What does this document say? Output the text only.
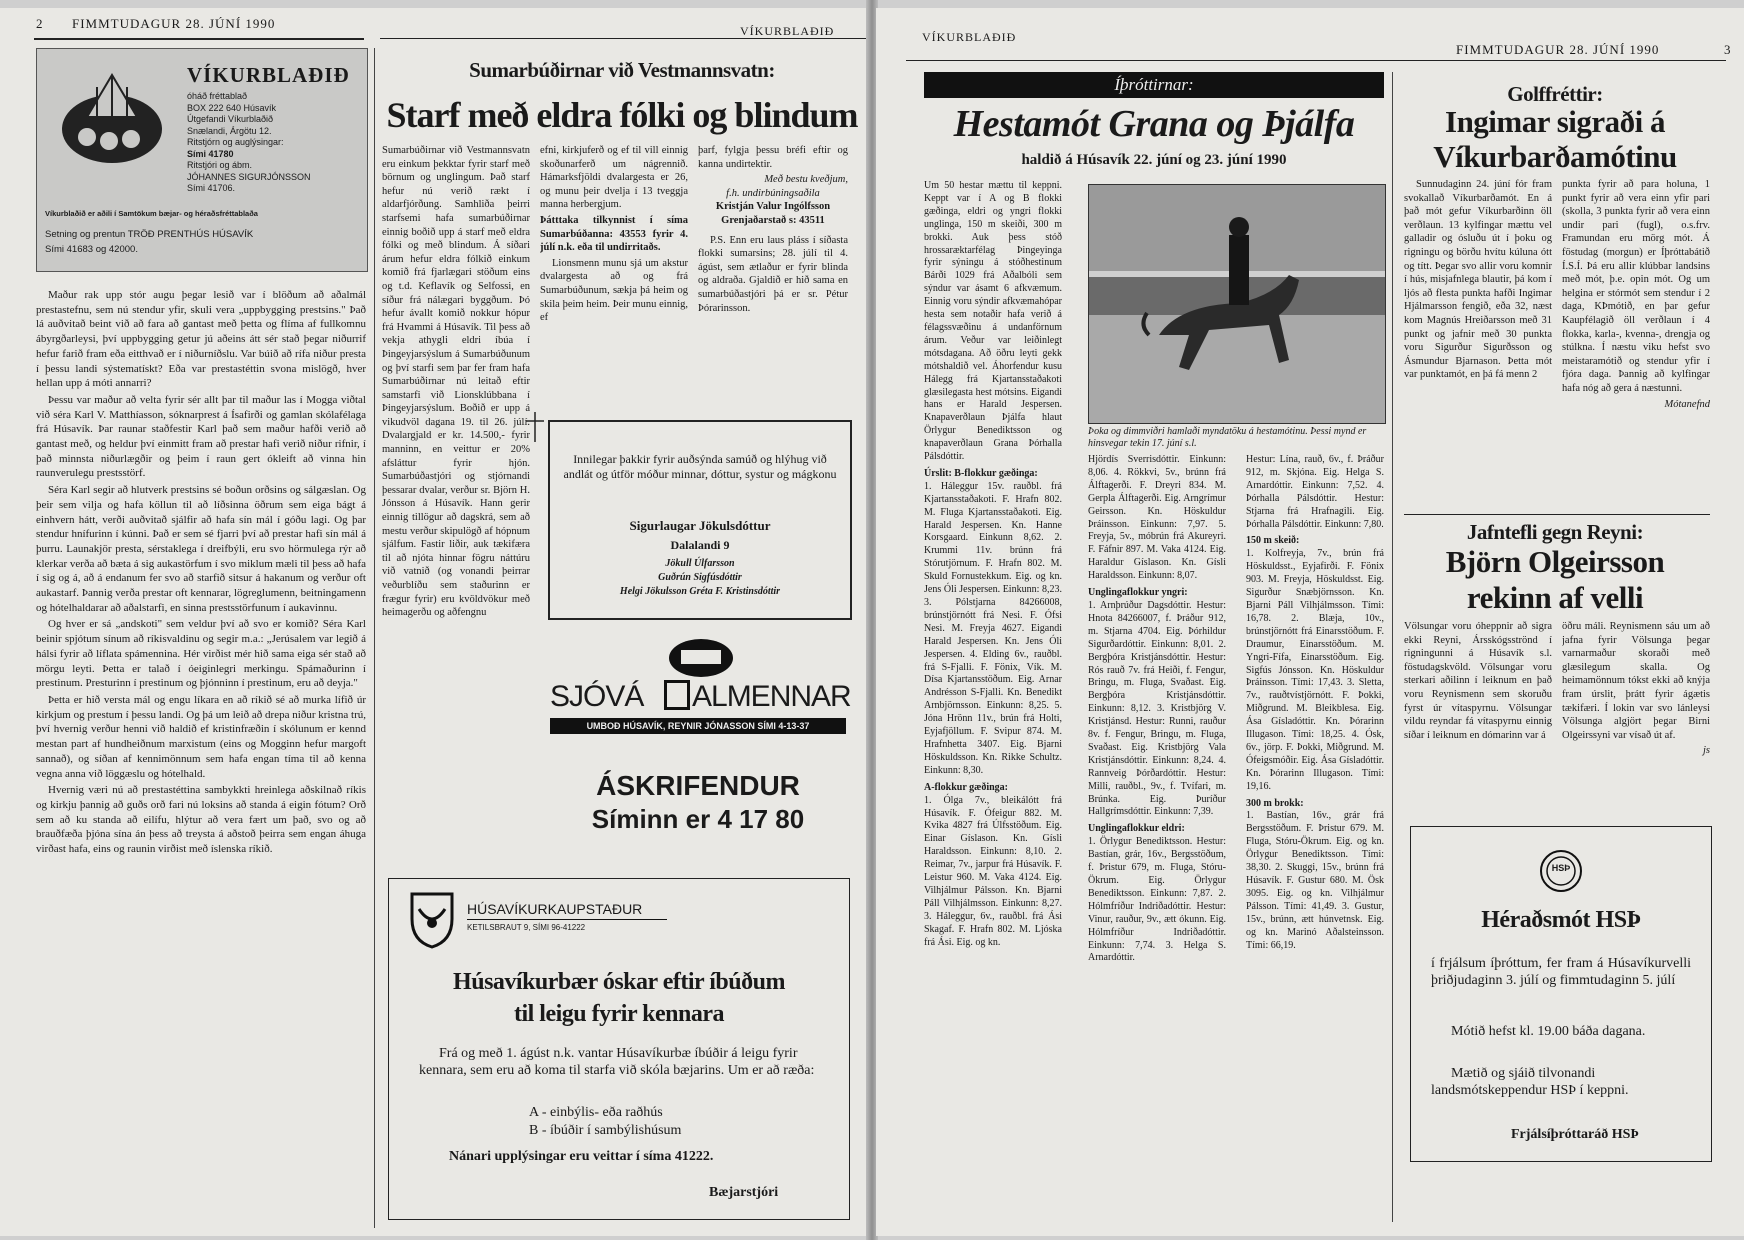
2 FIMMTUDAGUR 28. JÚNÍ 1990	VÍKURBLAÐIÐ
VÍKURBLAÐIÐ
óháð fréttablað
BOX 222 640 Húsavík
Útgefandi Víkurblaðið
Snælandi, Árgötu 12.
Ritstjórn og auglýsingar:
Sími 41780
Ritstjóri og ábm.
JÓHANNES SIGURJÓNSSON
Sími 41706.
Víkurblaðið er aðili í Samtökum bæjar- og héraðsfréttablaða
Setning og prentun TRÖÐ PRENTHÚS HÚSAVÍK
Sími 41683 og 42000.

Maður rak upp stór augu þegar lesið var í blöðum að aðalmál prestastefnu, sem nú stendur yfir, skuli vera „uppbygging prestsins." Það lá auðvitað beint við að fara að gantast með þetta og flíma af fullkomnu ábyrgðarleysi, því uppbygging getur jú aðeins átt sér stað þegar niðurrif hefur farið fram eða eitthvað er í niðurníðslu. Var búið að rífa niður presta í þessu landi sýstematískt? Eða var prestastéttin svona mislögð, hver hellan upp á móti annarri?

Þessu var maður að velta fyrir sér allt þar til maður las í Mogga viðtal við séra Karl V. Matthíasson, sóknarprest á Ísafirði og gamlan skólafélaga frá Húsavík. Þar raunar staðfestir Karl það sem maður hafði verið að gantast með, og heldur því einmitt fram að prestar hafi verið niður rifnir, í það minnsta niðurlægðir og þeim í raun gert ókleift að vinna hin raunverulegu prestsstörf.

Séra Karl segir að hlutverk prestsins sé boðun orðsins og sálgæslan. Og þeir sem vilja og hafa köllun til að líðsinna öðrum sem eiga bágt á einhvern hátt, verði auðvitað sjálfir að hafa sín mál í góðu lagi. Og þar stendur hnífurinn í kúnni. Það er sem sé fjarri því að prestar hafi sín mál á þurru. Launakjör presta, sérstaklega í dreifbýli, eru svo hörmulega rýr að klerkar verða að bæta á sig aukastörfum í svo miklum mæli til þess að hafa í sig og á, að á endanum fer svo að starfið sitsur á hakanum og verður oft aukastarf. Þannig verða prestar oft kennarar, lögreglumenn, beitningamenn og hótelhaldarar að aðalstarfi, en sinna prestsstörfunum í aukavinnu.

Og hver er sá „andskoti" sem veldur því að svo er komið? Séra Karl beinir spjótum sínum að ríkisvaldinu og segir m.a.: „Jerúsalem var legið á hálsi fyrir að líflata spámennina. Hér virðist mér hið sama eiga sér stað að mörgu leyti. Þetta er talað í óeiginlegri merkingu. Spámaðurinn í prestinum. Presturinn í prestinum og þjónninn í prestinum, eru að deyja."

Þetta er hið versta mál og engu líkara en að ríkið sé að murka lífið úr kirkjum og prestum í þessu landi. Og þá um leið að drepa niður kristna trú, því hvernig verður henni við haldið ef kristinfræðin í skólunum er kennd mestan part af hundheiðnum marxistum (eins og Mogginn hefur margoft sannað), og síðan af kennimönnum sem hafa engan tíma til að kenna vegna anna við löggæslu og hótelhald.

Hvernig væri nú að prestastéttina sambykkti hreinlega aðskilnað ríkis og kirkju þannig að guðs orð fari nú loksins að standa á eigin fótum? Orð sem að ku standa að eilífu, hlýtur að vera fært um það, svo og að brauðfæða þjóna sína án þess að treysta á aðstoð þeirra sem engan áhuga virðast hafa, eins og raunin virðist með íslenska ríkið.

Sumarbúðirnar við Vestmannsvatn:
Starf með eldra fólki og blindum

Sumarbúðirnar við Vestmannsvatn eru einkum þekktar fyrir starf með börnum og unglingum. Það starf hefur nú verið rækt í aldarfjórðung. Samhliða þeirri starfsemi hafa sumarbúðirnar einnig boðið upp á starf með eldra fólki og með blindum. Á síðari árum hefur eldra fólkið einkum komið frá fjarlægari stöðum eins og t.d. Keflavík og Selfossi, en síður frá nálægari byggðum. Þó hefur ávallt komið nokkur hópur frá Hvammi á Húsavík. Til þess að vekja athygli eldri íbúa í Þingeyjarsýslum á Sumarbúðunum og því starfi sem þar fer fram hafa Sumarbúðirnar nú leitað eftir samstarfi við Lionsklúbbana í Þingeyjarsýslum. Boðið er upp á vikudvöl dagana 19. til 26. júlí. Dvalargjald er kr. 14.500,- fyrir manninn, en veittur er 20% afsláttur fyrir hjón. Sumarbúðastjóri og stjórnandi þessarar dvalar, verður sr. Björn H. Jónsson á Húsavík. Hann gerir einnig tillögur að dagskrá, sem að mestu verður skipulögð af hópnum sjálfum. Fastir liðir, auk tækifæra til að njóta hinnar fögru náttúru við vatnið (og vonandi þeirrar veðurblíðu sem staðurinn er frægur fyrir) eru kvöldvökur með heimagerðu og aðfengnu

efni, kirkjuferð og ef til vill einnig skoðunarferð um nágrennið. Hámarksfjöldi dvalargesta er 26, og munu þeir dvelja í 13 tveggja manna herbergjum.

Þátttaka tilkynnist í síma Sumarbúðanna: 43553 fyrir 4. júlí n.k. eða til undirritaðs.

Lionsmenn munu sjá um akstur dvalargesta að og frá Sumarbúðunum, sækja þá heim og skila þeim heim. Þeir munu einnig, ef

þarf, fylgja þessu bréfi eftir og kanna undirtektir.

Með bestu kveðjum,
f.h. undirbúningsaðila
Kristján Valur Ingólfsson
Grenjaðarstað s: 43511

P.S. Enn eru laus pláss í síðasta flokki sumarsins; 28. júlí til 4. ágúst, sem ætlaður er fyrir blinda og aldraða. Gjaldið er hið sama en sumarbúðastjóri þá er sr. Pétur Þórarinsson.

Innilegar þakkir fyrir auðsýnda samúð og hlýhug við andlát og útför móður minnar, dóttur, systur og mágkonu
Sigurlaugar Jökulsdóttur
Dalalandi 9
Jökull Úlfarsson
Guðrún Sigfúsdóttir
Helgi Jökulsson Gréta F. Kristinsdóttir
SJÓVÁ ALMENNAR
UMBOÐ HÚSAVÍK, REYNIR JÓNASSON SÍMI 4-13-37
ÁSKRIFENDUR
Síminn er 4 17 80
HÚSAVÍKURKAUPSTAÐUR
KETILSBRAUT 9, SÍMI 96-41222
Húsavíkurbær óskar eftir íbúðum
til leigu fyrir kennara
Frá og með 1. ágúst n.k. vantar Húsavíkurbæ íbúðir á leigu fyrir kennara, sem eru að koma til starfa við skóla bæjarins. Um er að ræða:
A - einbýlis- eða raðhús
B - íbúðir í sambýlishúsum
Nánari upplýsingar eru veittar í síma 41222.
Bæjarstjóri
VÍKURBLAÐIÐ
FIMMTUDAGUR 28. JÚNÍ 1990	3
Íþróttirnar:
Hestamót Grana og Þjálfa
haldið á Húsavík 22. júní og 23. júní 1990

Um 50 hestar mættu til keppni. Keppt var í A og B flokki gæðinga, eldri og yngri flokki unglinga, 150 m skeiði, 300 m brokki. Auk þess stóð hrossaræktarfélag Þingeyinga fyrir sýningu á stóðhestinum Bárði 1029 frá Aðalbóli sem sýndur var ásamt 6 afkvæmum. Einnig voru sýndir afkvæmahópar hesta sem notaðir hafa verið á félagssvæðinu á undanförnum árum. Veður var leiðinlegt mótsdagana. Að öðru leyti gekk mótshaldið vel. Áhorfendur kusu Hálegg frá Kjartansstaðakoti glæsilegasta hest mótsins. Eigandi hans er Harald Jespersen. Knapaverðlaun Þjálfa hlaut Örlygur Benediktsson og knapaverðlaun Grana Þórhalla Pálsdóttir.

Úrslit: B-flokkur gæðinga:

1. Háleggur 15v. rauðbl. frá Kjartansstaðakoti. F. Hrafn 802. M. Fluga Kjartansstaðakoti. Eig. Harald Jespersen. Kn. Hanne Korsgaard. Einkunn 8,62. 2. Krummi 11v. brúnn frá Stórutjörnum. F. Hrafn 802. M. Skuld Fornustekkum. Eig. og kn. Jens Óli Jespersen. Einkunn: 8,23. 3. Pólstjarna 84266008, brúnstjörnótt frá Nesi. F. Ófsi Nesi. M. Freyja 4627. Eigandi Harald Jespersen. Kn. Jens Óli Jespersen. 4. Elding 6v., rauðbl. frá S-Fjalli. F. Fönix, Vík. M. Dísa Kjartansstöðum. Eig. Arnar Andrésson S-Fjalli. Kn. Benedikt Arnbjörnsson. Einkunn: 8,25. 5. Jóna Hrönn 11v., brún frá Holti, Eyjafjöllum. F. Svipur 874. M. Hrafnhetta 3407. Eig. Bjarni Höskuldsson. Kn. Rikke Schultz. Einkunn: 8,30.

A-flokkur gæðinga:

1. Ólga 7v., bleikálótt frá Húsavík. F. Ófeigur 882. M. Kvika 4827 frá Úlfsstöðum. Eig. Einar Gíslason. Kn. Gísli Haraldsson. Einkunn: 8,10. 2. Reimar, 7v., jarpur frá Húsavík. F. Leistur 960. M. Vaka 4124. Eig. Vilhjálmur Pálsson. Kn. Bjarni Páll Vilhjálmsson. Einkunn: 8,27. 3. Háleggur, 6v., rauðbl. frá Ási Skagaf. F. Hrafn 802. M. Ljóska frá Ási. Eig. og kn.

Þoka og dimmviðri hamlaði myndatöku á hestamótinu. Þessi mynd er hinsvegar tekin 17. júní s.l.

Hjördís Sverrisdóttir. Einkunn: 8,06. 4. Rökkvi, 5v., brúnn frá Álftagerði. F. Dreyri 834. M. Gerpla Álftagerði. Eig. Arngrímur Geirsson. Kn. Höskuldur Þráinsson. Einkunn: 7,97. 5. Freyja, 5v., móbrún frá Akureyri. F. Fáfnir 897. M. Vaka 4124. Eig. Haraldur Gíslason. Kn. Gísli Haraldsson. Einkunn: 8,07.

Unglingaflokkur yngri:

1. Arnþrúður Dagsdóttir. Hestur: Hnota 84266007, f. Þráður 912, m. Stjarna 4704. Eig. Þórhildur Sigurðardóttir. Einkunn: 8,01. 2. Bergþóra Kristjánsdóttir. Hestur: Rós rauð 7v. frá Heiði, f. Fengur, Bringu, m. Fluga, Svaðast. Eig. Bergþóra Kristjánsdóttir. Einkunn: 8,12. 3. Kristbjörg V. Kristjánsd. Hestur: Runni, rauður 8v. f. Fengur, Bringu, m. Fluga, Svaðast. Eig. Kristbjörg Vala Kristjánsdóttir. Einkunn: 8,24. 4. Rannveig Þórðardóttir. Hestur: Milli, rauðbl., 9v., f. Tvífari, m. Brúnka. Eig. Þuríður Hallgrímsdóttir. Einkunn: 7,39.

Unglingaflokkur eldri:

1. Örlygur Benediktsson. Hestur: Bastían, grár, 16v., Bergsstöðum, f. Þristur 679, m. Fluga, Stóru-Ökrum. Eig. Örlygur Benediktsson. Einkunn: 7,87. 2. Hólmfríður Indriðadóttir. Hestur: Vinur, rauður, 9v., ætt ókunn. Eig. Hólmfríður Indriðadóttir. Einkunn: 7,74. 3. Helga S. Arnardóttir.

Hestur: Lína, rauð, 6v., f. Þráður 912, m. Skjóna. Eig. Helga S. Arnardóttir. Einkunn: 7,52. 4. Þórhalla Pálsdóttir. Hestur: Stjarna frá Hrafnagili. Eig. Þórhalla Pálsdóttir. Einkunn: 7,80.

150 m skeið:

1. Kolfreyja, 7v., brún frá Höskuldsst., Eyjafirði. F. Fönix 903. M. Freyja, Höskuldsst. Eig. Sigurður Snæbjörnsson. Kn. Bjarni Páll Vilhjálmsson. Tími: 16,78. 2. Blæja, 10v., brúnstjörnótt frá Einarsstöðum. F. Draumur, Einarsstöðum. M. Yngri-Fífa, Einarsstöðum. Eig. Sigfús Jónsson. Kn. Höskuldur Þráinsson. Tími: 17,43. 3. Sletta, 7v., rauðtvístjörnótt. F. Þokki, Miðgrund. M. Bleikblesa. Eig. Ása Gísladóttir. Kn. Þórarinn Illugason. Tími: 18,25. 4. Ósk, 6v., jörp. F. Þokki, Miðgrund. M. Ófeigsmóðir. Eig. Ása Gísladóttir. Kn. Þórarinn Illugason. Tími: 19,16.

300 m brokk:

1. Bastían, 16v., grár frá Bergsstöðum. F. Þristur 679. M. Fluga, Stóru-Ökrum. Eig. og kn. Örlygur Benediktsson. Tími: 38,30. 2. Skuggi, 15v., brúnn frá Húsavík. F. Gustur 680. M. Ösk 3095. Eig. og kn. Vilhjálmur Pálsson. Tími: 41,49. 3. Gustur, 15v., brúnn, ætt húnvetnsk. Eig. og kn. Marinó Aðalsteinsson. Tími: 66,19.

Golffréttir:
Ingimar sigraði á Víkurbarðamótinu

Sunnudaginn 24. júní fór fram svokallað Víkurbarðamót. En á það mót gefur Víkurbarðinn öll verðlaun. 13 kylfingar mættu vel galladir og ósluðu út í þoku og rigningu og börðu hvítu kúluna ótt og títt. Þegar svo allir voru komnir í hús, misjafnlega blautir, þá kom í ljós að flesta punkta hafði Ingimar Hjálmarsson fengið, eða 32, næst kom Magnús Hreiðarsson með 31 punkt og jafnir með 30 punkta voru Sigurður Sigurðsson og Ásmundur Bjarnason. Þetta mót var punktamót, en þá fá menn 2

punkta fyrir að para holuna, 1 punkt fyrir að vera einn yfir pari (skolla, 3 punkta fyrir að vera einn undir pari (fugl), o.s.frv. Framundan eru mörg mót. Á föstudag (morgun) er Íþróttabátið Í.S.Í. Þá eru allir klúbbar landsins með mót, þ.e. opin mót. Og um helgina er stórmót sem stendur í 2 daga, KÞmótið, en þar gefur Kaupfélagið öll verðlaun í 4 flokka, karla-, kvenna-, drengja og stúlkna. Í næstu viku hefst svo meistaramótið og stendur yfir í fjóra daga. Þannig að kylfingar hafa nóg að gera á næstunni.

Mótanefnd
Jafntefli gegn Reyni:
Björn Olgeirsson rekinn af velli

Völsungar voru óheppnir að sigra ekki Reyni, Ársskógsströnd í rigningunni á Húsavík s.l. föstudagskvöld. Völsungar voru sterkari aðilinn í leiknum en það voru Reynismenn sem skoruðu fyrst úr vítaspyrnu. Völsungar vildu reyndar fá vítaspyrnu einnig síðar í leiknum en dómarinn var á

öðru máli. Reynismenn sáu um að jafna fyrir Völsunga þegar varnarmaður skoraði með glæsilegum skalla. Og heimamönnum tókst ekki að knýja fram úrslit, þrátt fyrir ágætis tækifæri. Í lokin var svo lánleysi Völsunga algjört þegar Birni Olgeirssyni var vísað út af.

js
HSÞ
Héraðsmót HSÞ
í frjálsum íþróttum, fer fram á Húsavíkurvelli þriðjudaginn 3. júlí og fimmtudaginn 5. júlí
Mótið hefst kl. 19.00 báða dagana.
Mætið og sjáið tilvonandi landsmótskeppendur HSÞ í keppni.
Frjálsíþróttaráð HSÞ
